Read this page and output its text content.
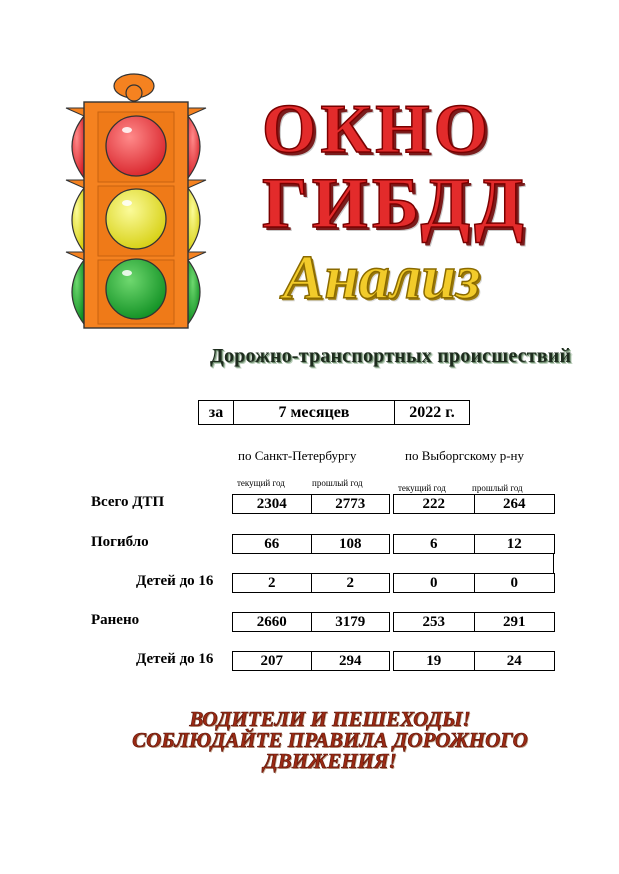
ОКНО
ГИБДД
Анализ
Дорожно-транспортных происшествий
за	7 месяцев	2022 г.
по Санкт-Петербургу	по Выборгскому р-ну
текущий год	прошлый год	текущий год	прошлый год
Всего ДТП	2304	2773	222	264
Погибло	66	108	6	12
Детей до 16	2	2	0	0
Ранено	2660	3179	253	291
Детей до 16	207	294	19	24
ВОДИТЕЛИ И ПЕШЕХОДЫ!
СОБЛЮДАЙТЕ ПРАВИЛА ДОРОЖНОГО
ДВИЖЕНИЯ!
